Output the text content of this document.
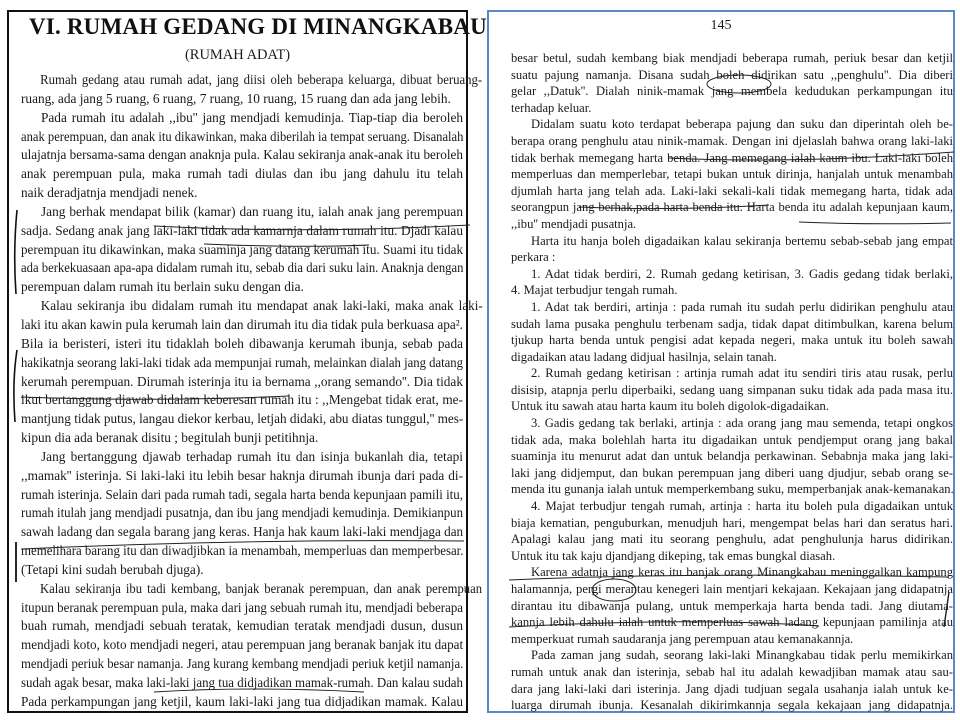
VI. RUMAH GEDANG DI MINANGKABAU
(RUMAH ADAT)
Rumah gedang atau rumah adat, jang diisi oleh beberapa keluarga, dibuat beruang-
ruang, ada jang 5 ruang, 6 ruang, 7 ruang, 10 ruang, 15 ruang dan ada jang lebih.
Pada rumah itu adalah ,,ibu'' jang mendjadi kemudinja. Tiap-tiap dia beroleh
anak perempuan, dan anak itu dikawinkan, maka diberilah ia tempat seruang. Disanalah
ulajatnja bersama-sama dengan anaknja pula. Kalau sekiranja anak-anak itu beroleh
anak perempuan pula, maka rumah tadi diulas dan ibu jang dahulu itu telah
naik deradjatnja mendjadi nenek.
Jang berhak mendapat bilik (kamar) dan ruang itu, ialah anak jang perempuan
sadja. Sedang anak jang laki-laki tidak ada kamarnja dalam rumah itu. Djadi kalau
perempuan itu dikawinkan, maka suaminja jang datang kerumah itu. Suami itu tidak
ada berkekuasaan apa-apa didalam rumah itu, sebab dia dari suku lain. Anaknja dengan
perempuan dalam rumah itu berlain suku dengan dia.
Kalau sekiranja ibu didalam rumah itu mendapat anak laki-laki, maka anak laki-
laki itu akan kawin pula kerumah lain dan dirumah itu dia tidak pula berkuasa apa².
Bila ia beristeri, isteri itu tidaklah boleh dibawanja kerumah ibunja, sebab pada
hakikatnja seorang laki-laki tidak ada mempunjai rumah, melainkan dialah jang datang
kerumah perempuan. Dirumah isterinja itu ia bernama ,,orang semando''. Dia tidak
ikut bertanggung djawab didalam keberesan rumah itu : ,,Mengebat tidak erat, me-
mantjung tidak putus, langau diekor kerbau, letjah didaki, abu diatas tunggul,'' mes-
kipun dia ada beranak disitu ; begitulah bunji petitihnja.
Jang bertanggung djawab terhadap rumah itu dan isinja bukanlah dia, tetapi
,,mamak'' isterinja. Si laki-laki itu lebih besar haknja dirumah ibunja dari pada di-
rumah isterinja. Selain dari pada rumah tadi, segala harta benda kepunjaan pamili itu,
rumah itulah jang mendjadi pusatnja, dan ibu jang mendjadi kemudinja. Demikianpun
sawah ladang dan segala barang jang keras. Hanja hak kaum laki-laki mendjaga dan
memelihara barang itu dan diwadjibkan ia menambah, memperluas dan memperbesar.
(Tetapi kini sudah berubah djuga).
Kalau sekiranja ibu tadi kembang, banjak beranak perempuan, dan anak perempuan
itupun beranak perempuan pula, maka dari jang sebuah rumah itu, mendjadi beberapa
buah rumah, mendjadi sebuah teratak, kemudian teratak mendjadi dusun, dusun
mendjadi koto, koto mendjadi negeri, atau perempuan jang beranak banjak itu dapat
mendjadi periuk besar namanja. Jang kurang kembang mendjadi periuk ketjil namanja.
sudah agak besar, maka laki-laki jang tua didjadikan mamak-rumah. Dan kalau sudah
Pada perkampungan jang ketjil, kaum laki-laki jang tua didjadikan mamak. Kalau
145
besar betul, sudah kembang biak mendjadi beberapa rumah, periuk besar dan ketjil
suatu pajung namanja. Disana sudah boleh didirikan satu ,,penghulu''. Dia diberi
gelar ,,Datuk''. Dialah ninik-mamak jang membela kedudukan perkampungan itu
terhadap keluar.
Didalam suatu koto terdapat beberapa pajung dan suku dan diperintah oleh be-
berapa orang penghulu atau ninik-mamak. Dengan ini djelaslah bahwa orang laki-laki
tidak berhak memegang harta benda. Jang memegang ialah kaum ibu. Laki-laki boleh
memperluas dan memperlebar, tetapi bukan untuk dirinja, hanjalah untuk menambah
djumlah harta jang telah ada. Laki-laki sekali-kali tidak memegang harta, tidak ada
seorangpun jang berhak,pada harta benda itu. Harta benda itu adalah kepunjaan kaum,
,,ibu'' mendjadi pusatnja.
Harta itu hanja boleh digadaikan kalau sekiranja bertemu sebab-sebab jang empat
perkara :
1. Adat tidak berdiri, 2. Rumah gedang ketirisan, 3. Gadis gedang tidak berlaki,
4. Majat terbudjur tengah rumah.
1. Adat tak berdiri, artinja : pada rumah itu sudah perlu didirikan penghulu atau
sudah lama pusaka penghulu terbenam sadja, tidak dapat ditimbulkan, karena belum
tjukup harta benda untuk pengisi adat kepada negeri, maka untuk itu boleh sawah
digadaikan atau ladang didjual hasilnja, selain tanah.
2. Rumah gedang ketirisan : artinja rumah adat itu sendiri tiris atau rusak, perlu
disisip, atapnja perlu diperbaiki, sedang uang simpanan suku tidak ada pada masa itu.
Untuk itu sawah atau harta kaum itu boleh digolok-digadaikan.
3. Gadis gedang tak berlaki, artinja : ada orang jang mau semenda, tetapi ongkos
tidak ada, maka bolehlah harta itu digadaikan untuk pendjemput orang jang bakal
suaminja itu menurut adat dan untuk belandja perkawinan. Sebabnja maka jang laki-
laki jang didjemput, dan bukan perempuan jang diberi uang djudjur, sebab orang se-
menda itu gunanja ialah untuk memperkembang suku, memperbanjak anak-kemanakan.
4. Majat terbudjur tengah rumah, artinja : harta itu boleh pula digadaikan untuk
biaja kematian, penguburkan, menudjuh hari, mengempat belas hari dan seratus hari.
Apalagi kalau jang mati itu seorang penghulu, adat penghulunja harus didirikan.
Untuk itu tak kaju djandjang dikeping, tak emas bungkal diasah.
Karena adatnja jang keras itu banjak orang Minangkabau meninggalkan kampung
halamannja, pergi merantau kenegeri lain mentjari kekajaan. Kekajaan jang didapatnja
dirantau itu dibawanja pulang, untuk memperkaja harta benda tadi. Jang diutama-
kannja lebih dahulu ialah untuk memperluas sawah ladang kepunjaan pamilinja atau
memperkuat rumah saudaranja jang perempuan atau kemanakannja.
Pada zaman jang sudah, seorang laki-laki Minangkabau tidak perlu memikirkan
rumah untuk anak dan isterinja, sebab hal itu adalah kewadjiban mamak atau sau-
dara jang laki-laki dari isterinja. Jang djadi tudjuan segala usahanja ialah untuk ke-
luarga dirumah ibunja. Kesanalah dikirimkannja segala kekajaan jang didapatnja.
